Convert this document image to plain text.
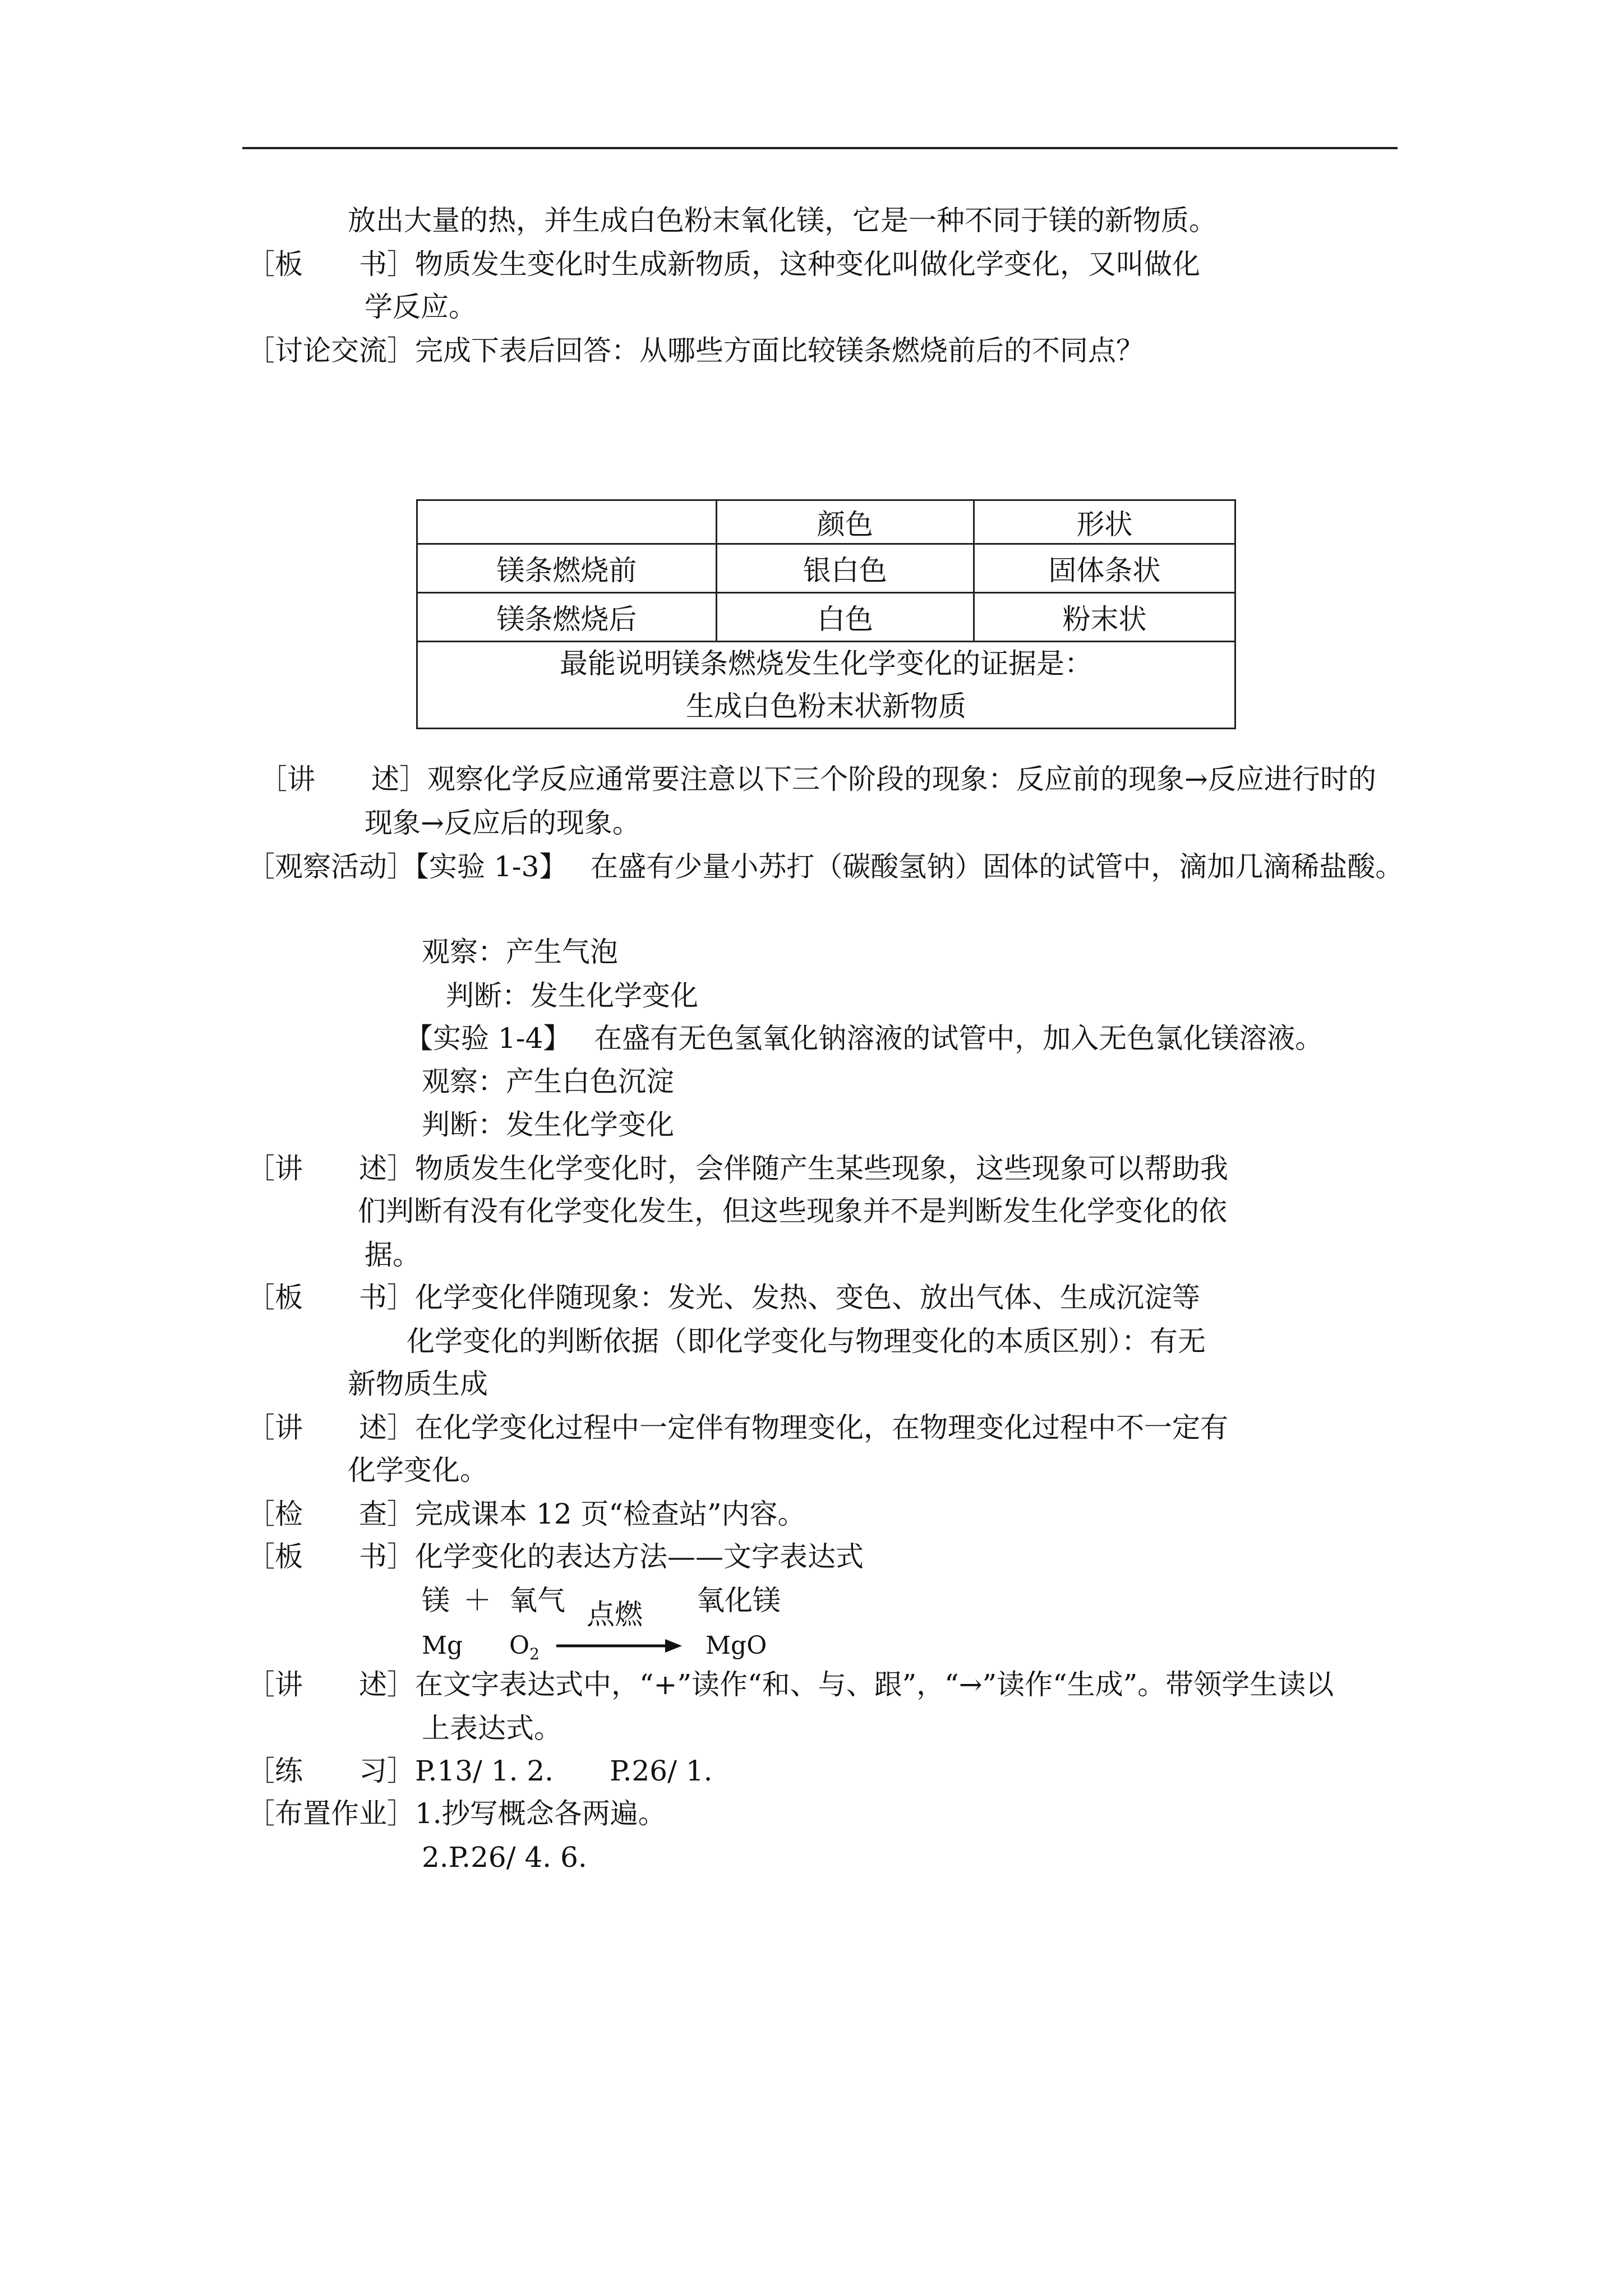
放出大量的热，并生成白色粉末氧化镁，它是一种不同于镁的新物质。
［板　　书］物质发生变化时生成新物质，这种变化叫做化学变化，又叫做化
学反应。
［讨论交流］完成下表后回答：从哪些方面比较镁条燃烧前后的不同点？
	颜色	形状
镁条燃烧前	银白色	固体条状
镁条燃烧后	白色	粉末状

最能说明镁条燃烧发生化学变化的证据是：
生成白色粉末状新物质		
［讲　　述］观察化学反应通常要注意以下三个阶段的现象：反应前的现象→反应进行时的
现象→反应后的现象。
［观察活动］【实验 1-3】　 在盛有少量小苏打（碳酸氢钠）固体的试管中，滴加几滴稀盐酸。
观察：产生气泡
判断：发生化学变化
【实验 1-4】　 在盛有无色氢氧化钠溶液的试管中，加入无色氯化镁溶液。
观察：产生白色沉淀
判断：发生化学变化
［讲　　述］物质发生化学变化时，会伴随产生某些现象，这些现象可以帮助我
们判断有没有化学变化发生，但这些现象并不是判断发生化学变化的依
据。
［板　　书］化学变化伴随现象：发光、发热、变色、放出气体、生成沉淀等
化学变化的判断依据（即化学变化与物理变化的本质区别）：有无
新物质生成
［讲　　述］在化学变化过程中一定伴有物理变化，在物理变化过程中不一定有
化学变化。
［检　　查］完成课本 12 页“检查站”内容。
［板　　书］化学变化的表达方法——文字表达式
镁 ＋ 氧气 点燃 氧化镁
Mg $O_2$	MgO
［讲　　述］在文字表达式中，“+”读作“和、与、跟”，“→”读作“生成”。带领学生读以
上表达式。
［练　　习］P.13/ 1. 2.　　P.26/ 1.
［布置作业］1.抄写概念各两遍。
2.P.26/ 4. 6.
